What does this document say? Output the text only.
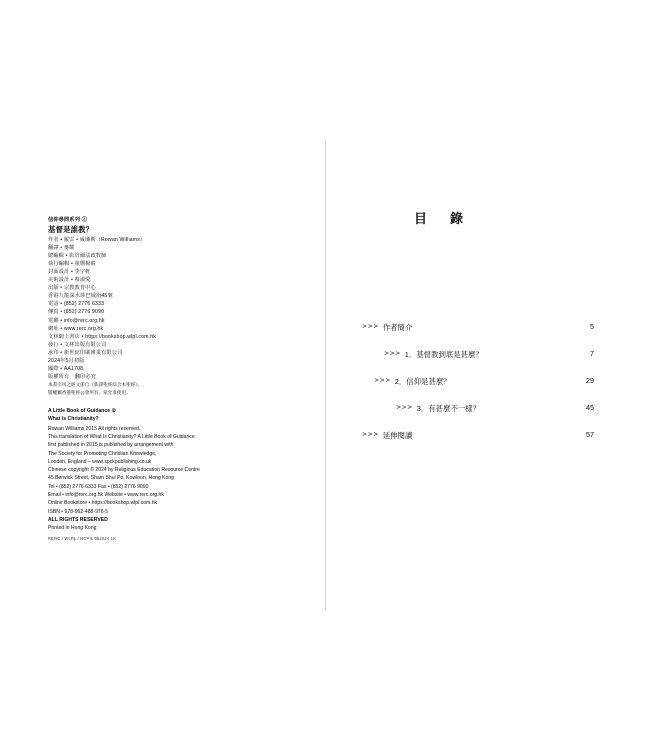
信仰尋問系列 ②
基督是誰教？
作者 • 羅雲 • 威廉斯（Rowan Williams）
翻譯 • 麥耀
總編輯 • 影培爾法政牧師
執行編輯 • 童珊楊睛
封面設計 • 李宇軒
美術設計 • 蔡淑愛
出版 • 宗教教育中心
香港九龍深水埗巴域街45號
電話 • (852) 2776 6333
傳真 • (852) 2776 9090
電郵 • info@rerc.org.hk
網址 • www.rerc.org.hk
文林網上書店 • https://bookshop.wlpl.com.hk
發行 • 文林出版有限公司
承印 • 新世紀印刷實業有限公司
2024年5月初版
國際 • AA1708
版權所有　翻印必究
本書引用之經文節自《新譯聖經綜合本聖經》。
版權屬香港聖經公會所有，蒙允准使用。
A Little Book of Guidance ②
What Is Christianity?
Rowan Williams 2015 All rights reserved.
This translation of What Is Christianity? A Little Book of Guidance
first published in 2015 is published by arrangement with
The Society for Promoting Christian Knowledge,
London, England – www.spckpublishing.co.uk
Chinese copyright © 2024 by Religious Education Resource Centre
45 Berwick Street, Sham Shui Po, Kowloon, Hong Kong
Tel • (852) 2776 6333 Fax • (852) 2776 9090
Email • info@rerc.org.hk Website • www.rerc.org.hk
Online Bookstore • https://bookshop.wlpl.com.hk
ISBN • 978-962-488-976-5
ALL RIGHTS RESERVED
Printed in Hong Kong
RERC / WLPL / HCPIL 052024 1K
目　錄
>>> 作者簡介	5
>>> 1．基督教到底是甚麼？	7
>>> 2．信仰是甚麼？	29
>>> 3．有甚麼不一樣？	45
>>> 延伸閱讀	57
